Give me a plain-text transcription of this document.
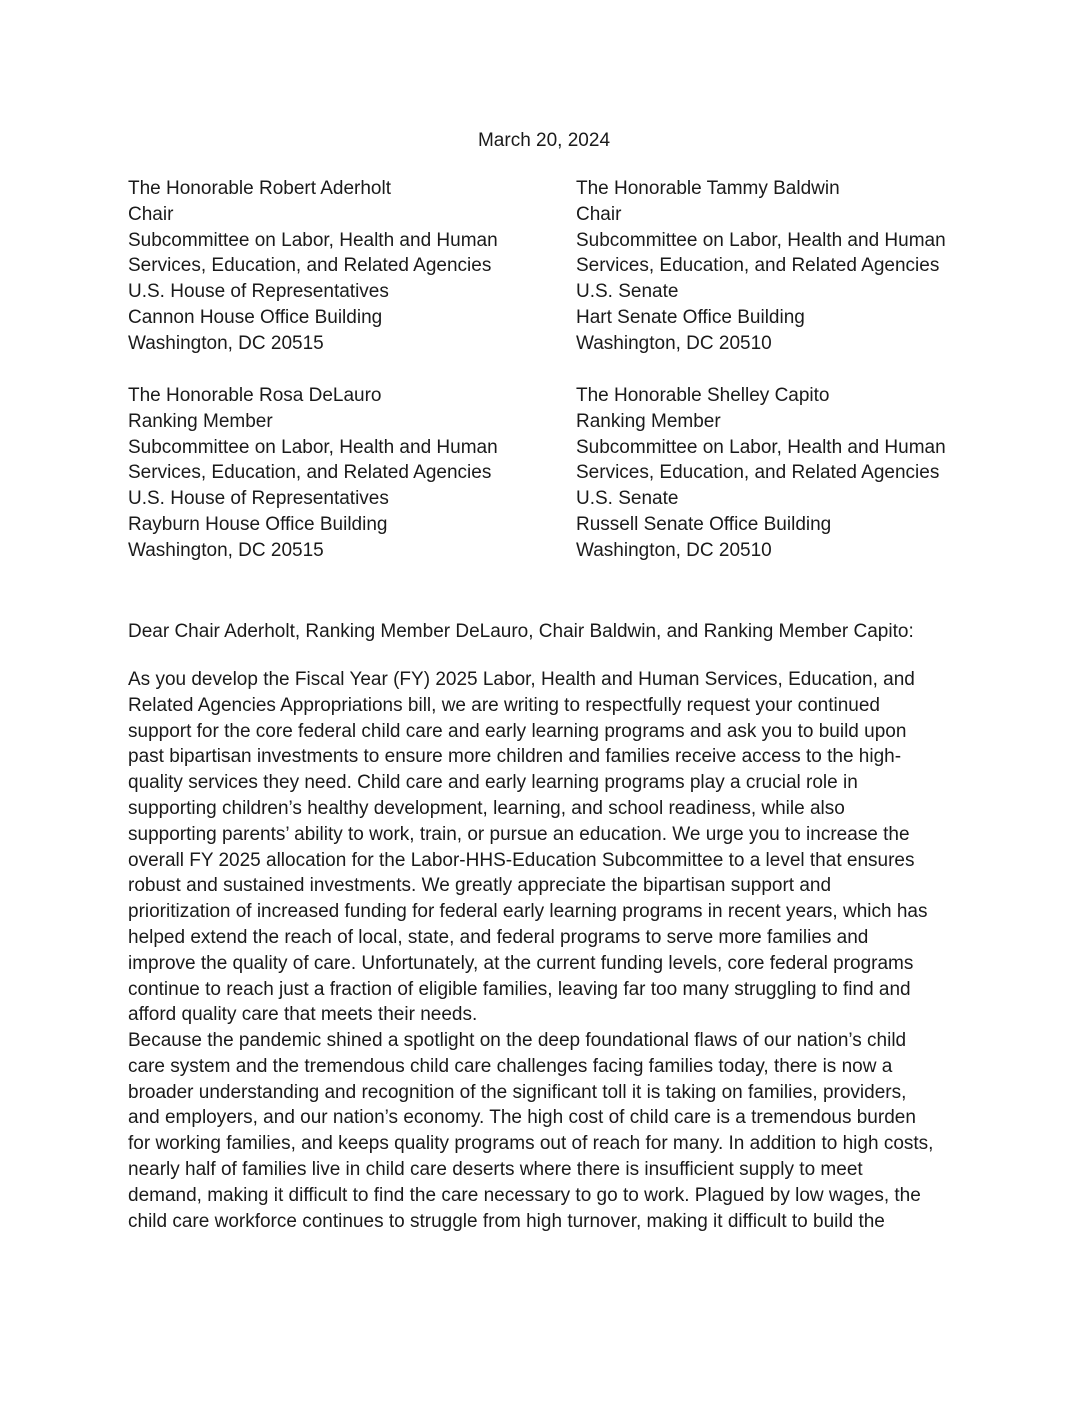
March 20, 2024
The Honorable Robert Aderholt
Chair
Subcommittee on Labor, Health and Human
Services, Education, and Related Agencies
U.S. House of Representatives
Cannon House Office Building
Washington, DC 20515
The Honorable Tammy Baldwin
Chair
Subcommittee on Labor, Health and Human
Services, Education, and Related Agencies
U.S. Senate
Hart Senate Office Building
Washington, DC 20510
The Honorable Rosa DeLauro
Ranking Member
Subcommittee on Labor, Health and Human
Services, Education, and Related Agencies
U.S. House of Representatives
Rayburn House Office Building
Washington, DC 20515
The Honorable Shelley Capito
Ranking Member
Subcommittee on Labor, Health and Human
Services, Education, and Related Agencies
U.S. Senate
Russell Senate Office Building
Washington, DC 20510
Dear Chair Aderholt, Ranking Member DeLauro, Chair Baldwin, and Ranking Member Capito:
As you develop the Fiscal Year (FY) 2025 Labor, Health and Human Services, Education, and
Related Agencies Appropriations bill, we are writing to respectfully request your continued
support for the core federal child care and early learning programs and ask you to build upon
past bipartisan investments to ensure more children and families receive access to the high-
quality services they need. Child care and early learning programs play a crucial role in
supporting children’s healthy development, learning, and school readiness, while also
supporting parents’ ability to work, train, or pursue an education. We urge you to increase the
overall FY 2025 allocation for the Labor-HHS-Education Subcommittee to a level that ensures
robust and sustained investments. We greatly appreciate the bipartisan support and
prioritization of increased funding for federal early learning programs in recent years, which has
helped extend the reach of local, state, and federal programs to serve more families and
improve the quality of care. Unfortunately, at the current funding levels, core federal programs
continue to reach just a fraction of eligible families, leaving far too many struggling to find and
afford quality care that meets their needs.
Because the pandemic shined a spotlight on the deep foundational flaws of our nation’s child
care system and the tremendous child care challenges facing families today, there is now a
broader understanding and recognition of the significant toll it is taking on families, providers,
and employers, and our nation’s economy. The high cost of child care is a tremendous burden
for working families, and keeps quality programs out of reach for many. In addition to high costs,
nearly half of families live in child care deserts where there is insufficient supply to meet
demand, making it difficult to find the care necessary to go to work. Plagued by low wages, the
child care workforce continues to struggle from high turnover, making it difficult to build the
